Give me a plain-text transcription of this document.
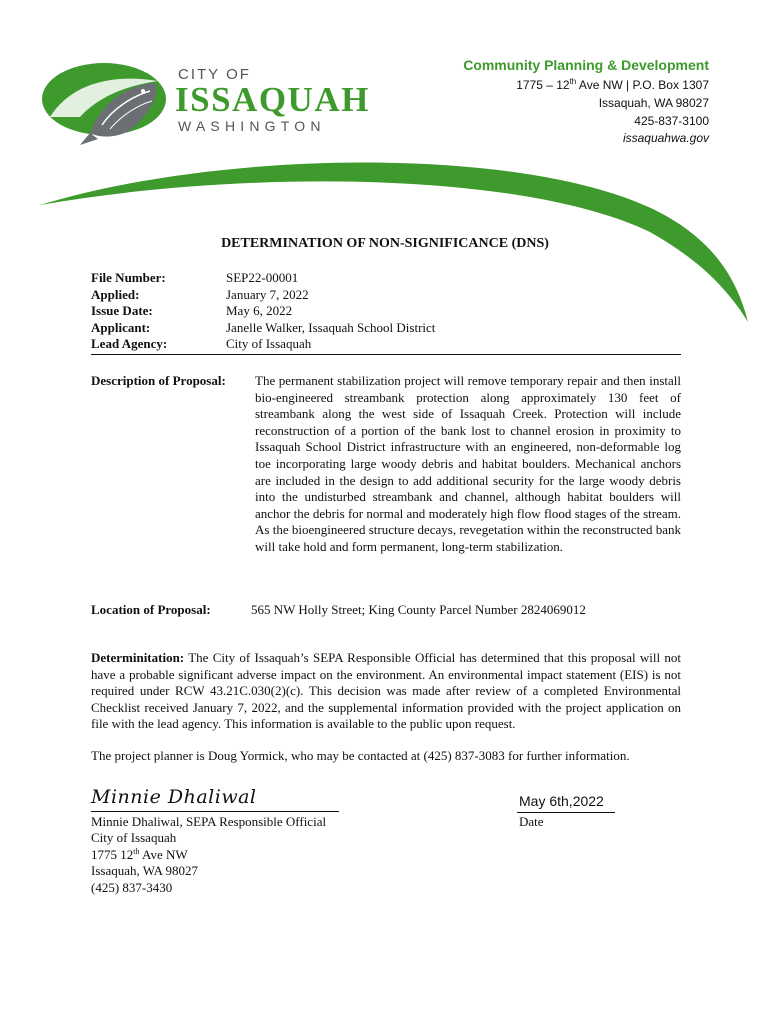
CITY OF
ISSAQUAH
WASHINGTON
Community Planning & Development
1775 – 12th Ave NW | P.O. Box 1307
Issaquah, WA 98027
425-837-3100
issaquahwa.gov
DETERMINATION OF NON-SIGNIFICANCE (DNS)
File Number:	SEP22-00001
Applied:	January 7, 2022
Issue Date:	May 6, 2022
Applicant:	Janelle Walker, Issaquah School District
Lead Agency:	City of Issaquah
Description of Proposal: The permanent stabilization project will remove temporary repair and then install bio-engineered streambank protection along approximately 130 feet of streambank along the west side of Issaquah Creek. Protection will include reconstruction of a portion of the bank lost to channel erosion in proximity to Issaquah School District infrastructure with an engineered, non-deformable log toe incorporating large woody debris and habitat boulders. Mechanical anchors are included in the design to add additional security for the large woody debris into the undisturbed streambank and channel, although habitat boulders will anchor the debris for normal and moderately high flow flood stages of the stream. As the bioengineered structure decays, revegetation within the reconstructed bank will take hold and form permanent, long-term stabilization.
Location of Proposal:	565 NW Holly Street; King County Parcel Number 2824069012
Determinitation: The City of Issaquah’s SEPA Responsible Official has determined that this proposal will not have a probable significant adverse impact on the environment. An environmental impact statement (EIS) is not required under RCW 43.21C.030(2)(c). This decision was made after review of a completed Environmental Checklist received January 7, 2022, and the supplemental information provided with the project application on file with the lead agency. This information is available to the public upon request.
The project planner is Doug Yormick, who may be contacted at (425) 837-3083 for further information.
Minnie Dhaliwal
Minnie Dhaliwal, SEPA Responsible Official
City of Issaquah
1775 12th Ave NW
Issaquah, WA 98027
(425) 837-3430
May 6th,2022
Date
